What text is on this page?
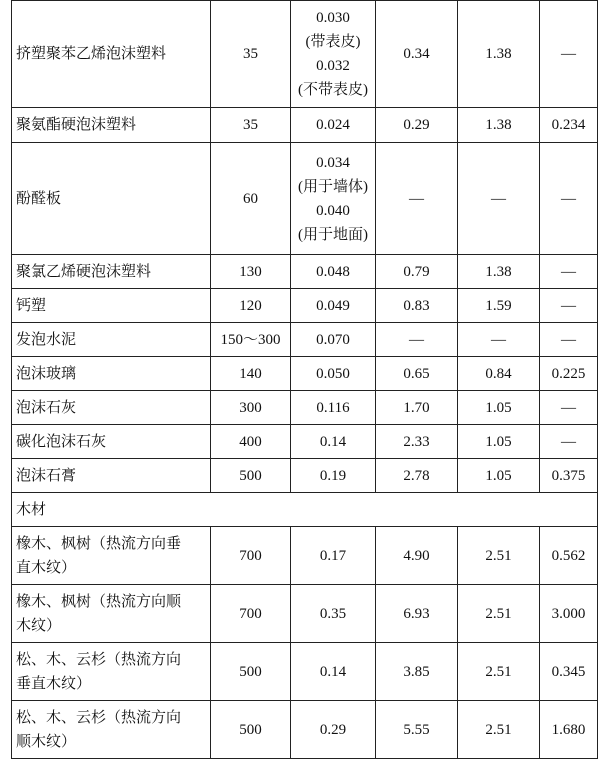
挤塑聚苯乙烯泡沫塑料	35	0.030
(带表皮)
0.032
(不带表皮)	0.34	1.38	—
聚氨酯硬泡沫塑料	35	0.024	0.29	1.38	0.234
酚醛板	60	0.034
(用于墙体)
0.040
(用于地面)	—	—	—
聚氯乙烯硬泡沫塑料	130	0.048	0.79	1.38	—
钙塑	120	0.049	0.83	1.59	—
发泡水泥	150～300	0.070	—	—	—
泡沫玻璃	140	0.050	0.65	0.84	0.225
泡沫石灰	300	0.116	1.70	1.05	—
碳化泡沫石灰	400	0.14	2.33	1.05	—
泡沫石膏	500	0.19	2.78	1.05	0.375
木材					

橡木、枫树（热流方向垂
直木纹）	700	0.17	4.90	2.51	0.562

橡木、枫树（热流方向顺
木纹）	700	0.35	6.93	2.51	3.000

松、木、云杉（热流方向
垂直木纹）	500	0.14	3.85	2.51	0.345

松、木、云杉（热流方向
顺木纹）	500	0.29	5.55	2.51	1.680
